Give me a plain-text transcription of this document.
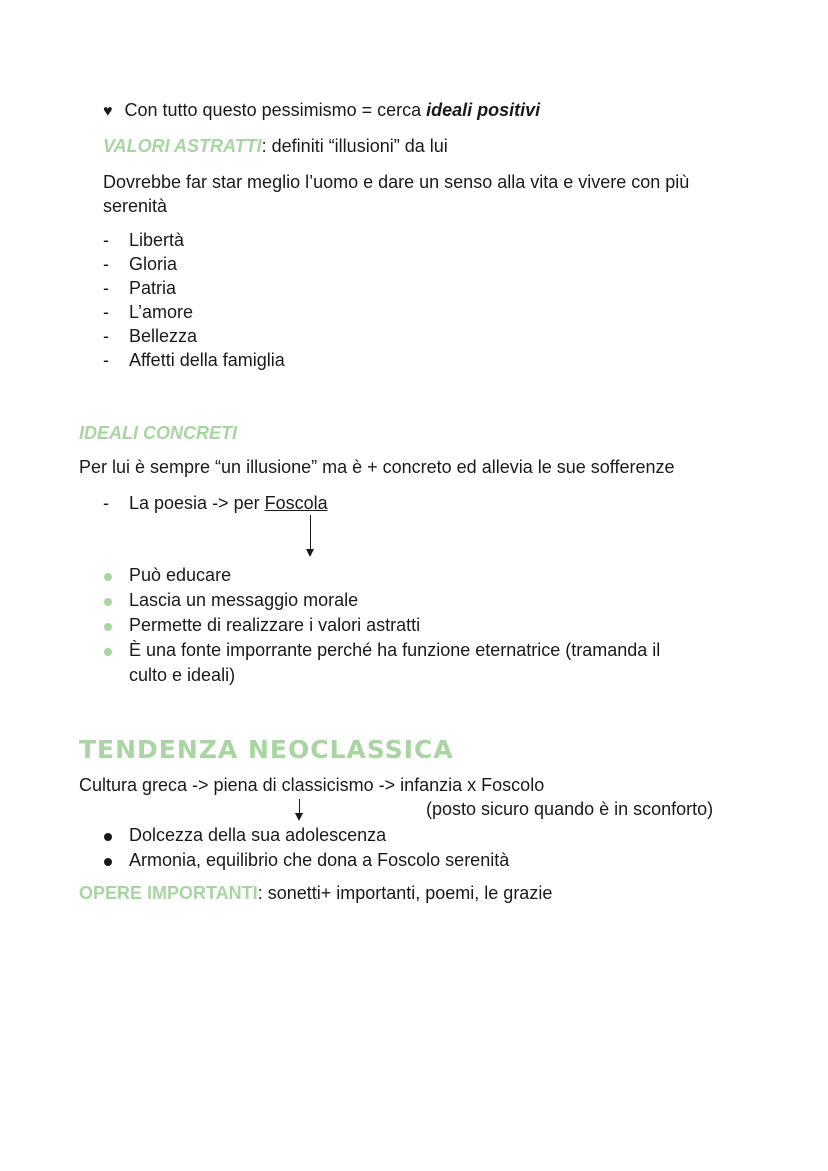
♥ Con tutto questo pessimismo = cerca ideali positivi
VALORI ASTRATTI: definiti “illusioni” da lui
Dovrebbe far star meglio l’uomo e dare un senso alla vita e vivere con più
serenità
- Libertà
- Gloria
- Patria
- L’amore
- Bellezza
- Affetti della famiglia
IDEALI CONCRETI
Per lui è sempre “un illusione” ma è + concreto ed allevia le sue sofferenze
- La poesia -> per Foscola
Può educare
Lascia un messaggio morale
Permette di realizzare i valori astratti
È una fonte imporrante perché ha funzione eternatrice (tramanda il
culto e ideali)
TENDENZA NEOCLASSICA
Cultura greca -> piena di classicismo -> infanzia x Foscolo
(posto sicuro quando è in sconforto)
Dolcezza della sua adolescenza
Armonia, equilibrio che dona a Foscolo serenità
OPERE IMPORTANTI: sonetti+ importanti, poemi, le grazie
